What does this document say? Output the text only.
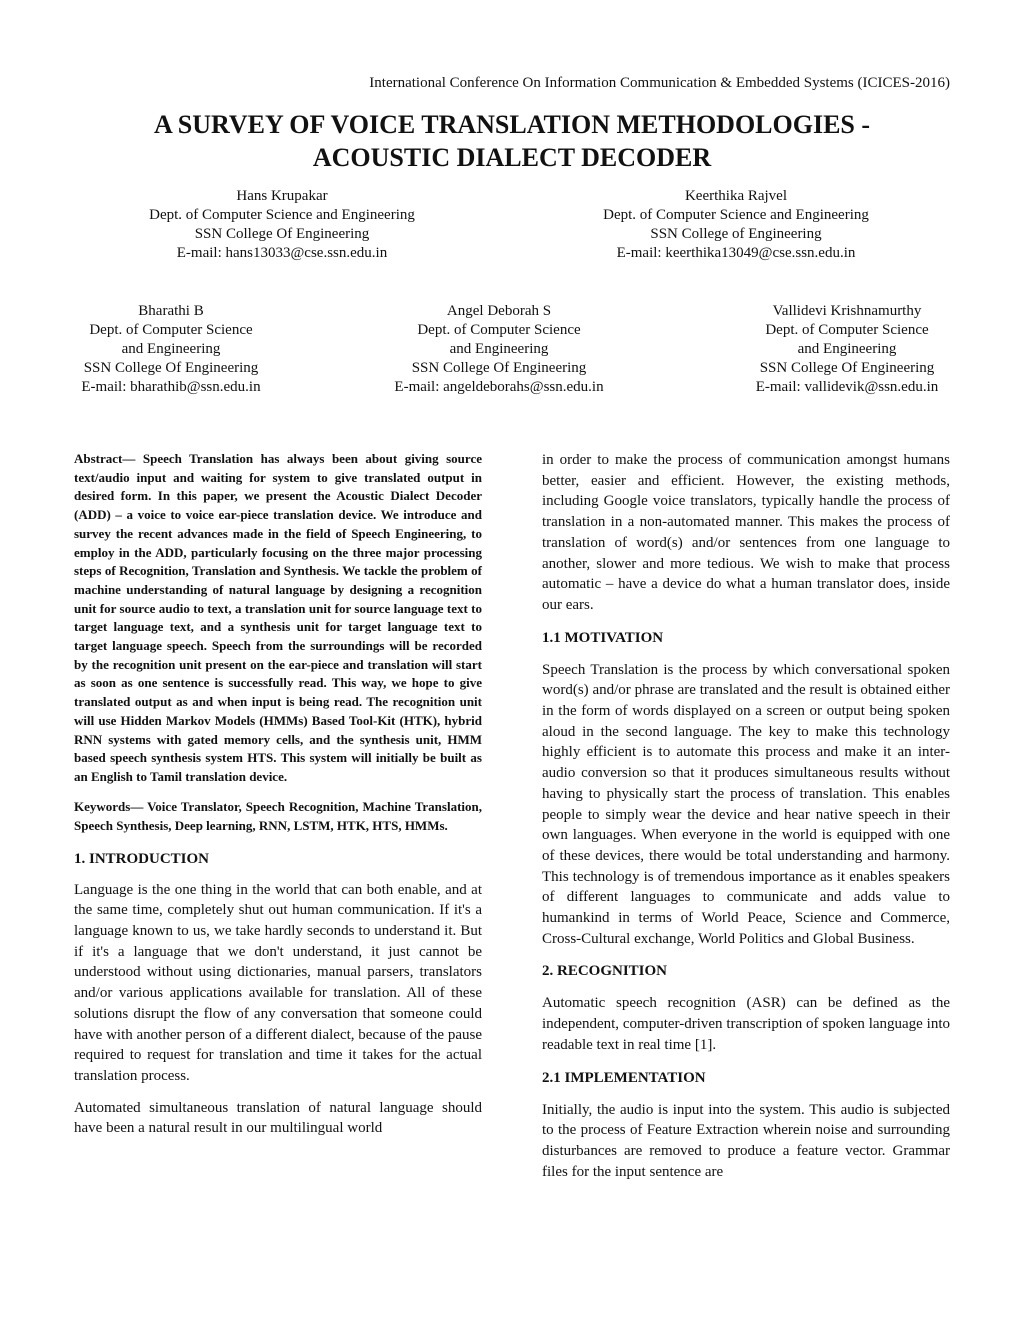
International Conference On Information Communication & Embedded Systems (ICICES-2016)
A SURVEY OF VOICE TRANSLATION METHODOLOGIES -
ACOUSTIC DIALECT DECODER
Hans Krupakar
Dept. of Computer Science and Engineering
SSN College Of Engineering
E-mail: hans13033@cse.ssn.edu.in
Keerthika Rajvel
Dept. of Computer Science and Engineering
SSN College of Engineering
E-mail: keerthika13049@cse.ssn.edu.in
Bharathi B
Dept. of Computer Science
and Engineering
SSN College Of Engineering
E-mail: bharathib@ssn.edu.in
Angel Deborah S
Dept. of Computer Science
and Engineering
SSN College Of Engineering
E-mail: angeldeborahs@ssn.edu.in
Vallidevi Krishnamurthy
Dept. of Computer Science
and Engineering
SSN College Of Engineering
E-mail: vallidevik@ssn.edu.in

Abstract— Speech Translation has always been about giving source text/audio input and waiting for system to give translated output in desired form. In this paper, we present the Acoustic Dialect Decoder (ADD) – a voice to voice ear-piece translation device. We introduce and survey the recent advances made in the field of Speech Engineering, to employ in the ADD, particularly focusing on the three major processing steps of Recognition, Translation and Synthesis. We tackle the problem of machine understanding of natural language by designing a recognition unit for source audio to text, a translation unit for source language text to target language text, and a synthesis unit for target language text to target language speech. Speech from the surroundings will be recorded by the recognition unit present on the ear-piece and translation will start as soon as one sentence is successfully read. This way, we hope to give translated output as and when input is being read. The recognition unit will use Hidden Markov Models (HMMs) Based Tool-Kit (HTK), hybrid RNN systems with gated memory cells, and the synthesis unit, HMM based speech synthesis system HTS. This system will initially be built as an English to Tamil translation device.

Keywords— Voice Translator, Speech Recognition, Machine Translation, Speech Synthesis, Deep learning, RNN, LSTM, HTK, HTS, HMMs.

1. INTRODUCTION

Language is the one thing in the world that can both enable, and at the same time, completely shut out human communication. If it's a language known to us, we take hardly seconds to understand it. But if it's a language that we don't understand, it just cannot be understood without using dictionaries, manual parsers, translators and/or various applications available for translation. All of these solutions disrupt the flow of any conversation that someone could have with another person of a different dialect, because of the pause required to request for translation and time it takes for the actual translation process.

Automated simultaneous translation of natural language should have been a natural result in our multilingual world

in order to make the process of communication amongst humans better, easier and efficient. However, the existing methods, including Google voice translators, typically handle the process of translation in a non-automated manner. This makes the process of translation of word(s) and/or sentences from one language to another, slower and more tedious. We wish to make that process automatic – have a device do what a human translator does, inside our ears.

1.1 MOTIVATION

Speech Translation is the process by which conversational spoken word(s) and/or phrase are translated and the result is obtained either in the form of words displayed on a screen or output being spoken aloud in the second language. The key to make this technology highly efficient is to automate this process and make it an inter-audio conversion so that it produces simultaneous results without having to physically start the process of translation. This enables people to simply wear the device and hear native speech in their own languages. When everyone in the world is equipped with one of these devices, there would be total understanding and harmony. This technology is of tremendous importance as it enables speakers of different languages to communicate and adds value to humankind in terms of World Peace, Science and Commerce, Cross-Cultural exchange, World Politics and Global Business.

2. RECOGNITION

Automatic speech recognition (ASR) can be defined as the independent, computer-driven transcription of spoken language into readable text in real time [1].

2.1 IMPLEMENTATION

Initially, the audio is input into the system. This audio is subjected to the process of Feature Extraction wherein noise and surrounding disturbances are removed to produce a feature vector. Grammar files for the input sentence are
